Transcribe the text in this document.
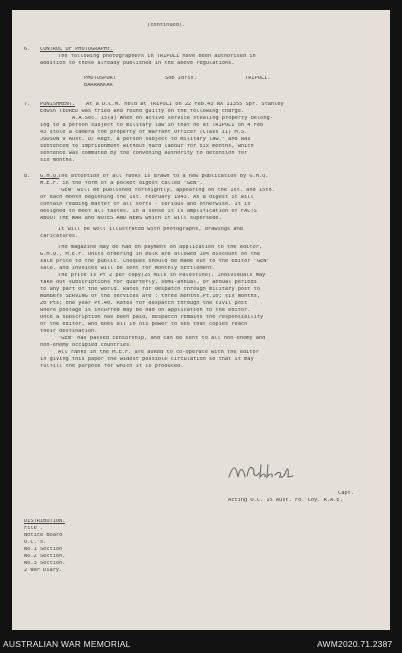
(continued).
6. CONTROL OF PHOTOGRAPHY.
The following photographers in TRIPOLI have been authorised in
addition to those already published in the above regulations.
PHOTOSPORT	Sob Idris.	TRIPOLI.
BARRAKKAR
7. PUNISHMENT. At a D.C.M. held at TRIPOLI on 22 Feb.43 NX 11355 Spr. Stanley
Edwin TEDRED was tried and found guilty on the following charge.
A.A.Sec. 15(a) When on active service stealing property belong-
ing to a person subject to military law in that he at TRIPOLI on 4 Feb
43 stole a camera the property of Warrant Officer (Class II) M.S.
JUDSON 9 Aust. D/ Regt. a person subject to military law." and was
sentenced to imprisonment without hard labour for six months, which
sentence was commuted by the convening authority to detention for
six months.
8. G.H.Q.
The attention of all ranks is drawn to a new publication by G.H.Q.
M.E.F. in the form of a pocket digest called "GEN".
"GEN" will be published fortnightly, appearing on the 1st. and 15th.
of each month beginning the 1st. February 1943. As a digest it will
contain reading matter of all sorts - serious and otherwise. It is
designed to meet all tastes. In a sense it is amplification of FACTS
ABOUT THE WAR and NOTES AND NEWS which it will supersede.
It will be well illustrated with photographs, drawings and
caricatures.
The magazine may be had on payment on application to the editor,
G.H.Q., M.E.F. Units ordering in bulk are allowed 10% discount on the
sale price to the public. Cheques should be made out to the editor "GEN"
sale, and invoices will be sent for monthly settlement.
The price is Pt 2 per copy(25 mils in Palestine). Individuals may
take out subscriptions for quarterly, semi-annual, or annual periods
to any part of the world. Rates for despatch through military post to
members SERVING of the services are : three months.Pt.10; six months,
20 Pts; one year Pt.40. Rates for despatch through the civil post
where postage is incurred may be had on application to the editor.
Once a subscription has been paid, despatch remains the responsibility
of the editor, who does all in his power to see that copies reach
their destination.
"GEN" has passed censorship, and can be sent to all non-enemy and
non-enemy occupied countries.
All ranks in the M.E.F. are asked to co-operate with the editor
in giving this paper the widest possible circulation so that it may
fulfill the purpose for which it is produced.
Capt.
Acting O.C. 15 Aust. Fd. Coy. R.A.E.
DISTRIBUTION.
File .
Notice Board
O.C.'s.
No.1 Section
No.2 Section.
No.3 Section.
2 War Diary.
AUSTRALIAN WAR MEMORIAL	AWM2020.71.2387
